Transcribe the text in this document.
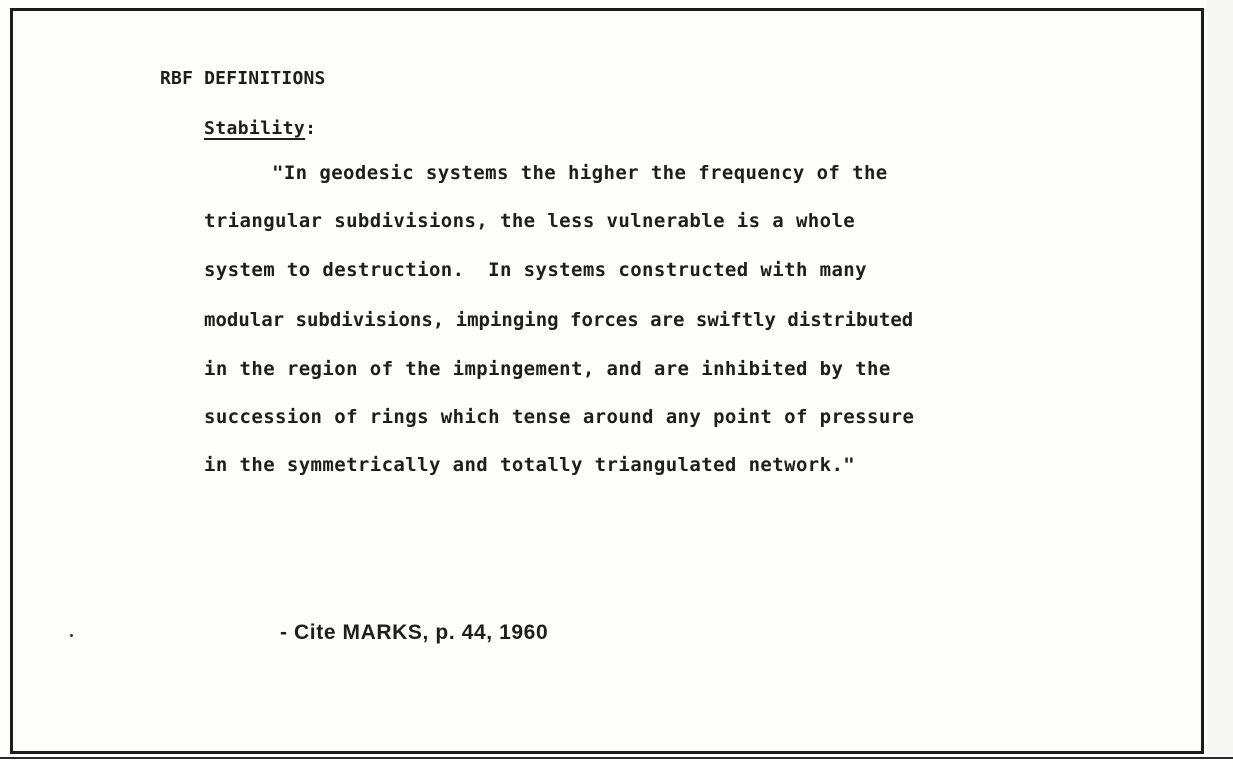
RBF DEFINITIONS

Stability:

"In geodesic systems the higher the frequency of the

triangular subdivisions, the less vulnerable is a whole

system to destruction.  In systems constructed with many

modular subdivisions, impinging forces are swiftly distributed

in the region of the impingement, and are inhibited by the

succession of rings which tense around any point of pressure

in the symmetrically and totally triangulated network."

- Cite MARKS, p. 44, 1960
